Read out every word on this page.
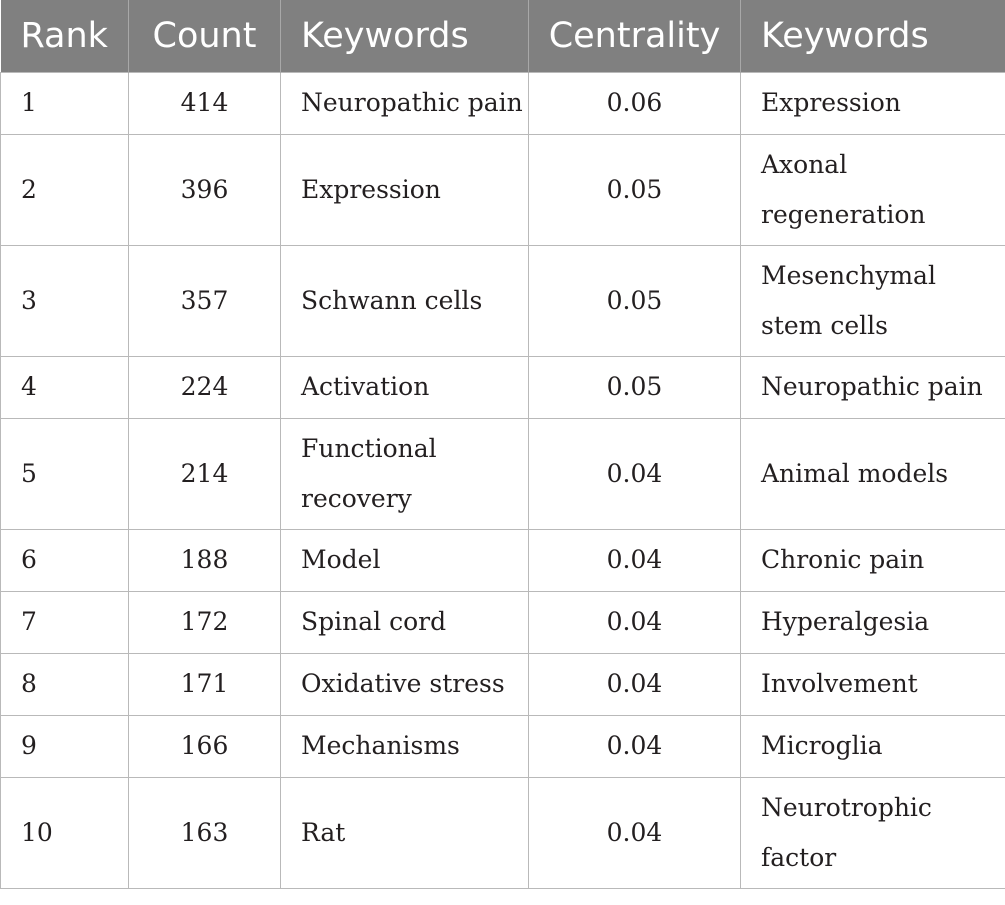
Rank	Count	Keywords	Centrality	Keywords
1	414	Neuropathic pain	0.06	Expression
2	396	Expression	0.05	Axonal regeneration

3	357	Schwann cells	0.05	Mesenchymal stem cells

4	224	Activation	0.05	Neuropathic pain
5	214	Functional recovery	0.04	Animal models
6	188	Model	0.04	Chronic pain
7	172	Spinal cord	0.04	Hyperalgesia
8	171	Oxidative stress	0.04	Involvement
9	166	Mechanisms	0.04	Microglia
10	163	Rat	0.04	Neurotrophic factor
